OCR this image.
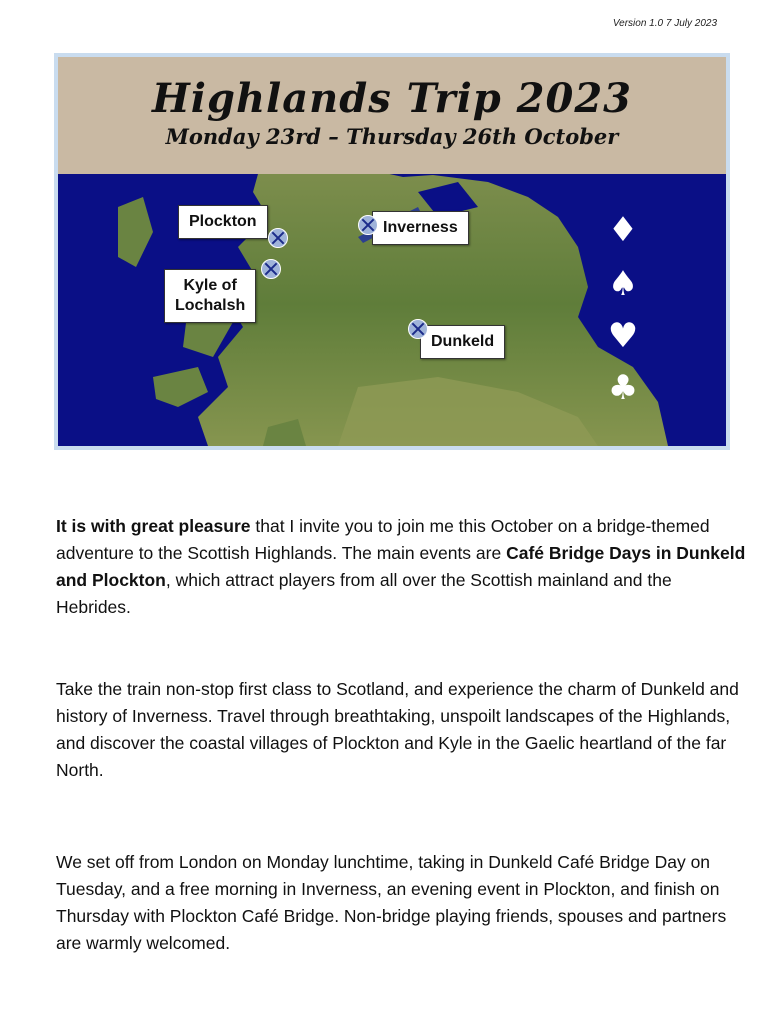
Version 1.0 7 July 2023
Highlands Trip 2023
Monday 23rd – Thursday 26th October
Plockton	Inverness
Kyle of
Lochalsh
Dunkeld
♦
♠
♥
♣

It is with great pleasure that I invite you to join me this October on a bridge-themed adventure to the Scottish Highlands. The main events are Café Bridge Days in Dunkeld and Plockton, which attract players from all over the Scottish mainland and the Hebrides.

Take the train non-stop first class to Scotland, and experience the charm of Dunkeld and history of Inverness. Travel through breathtaking, unspoilt landscapes of the Highlands, and discover the coastal villages of Plockton and Kyle in the Gaelic heartland of the far North.

We set off from London on Monday lunchtime, taking in Dunkeld Café Bridge Day on Tuesday, and a free morning in Inverness, an evening event in Plockton, and finish on Thursday with Plockton Café Bridge. Non-bridge playing friends, spouses and partners are warmly welcomed.
